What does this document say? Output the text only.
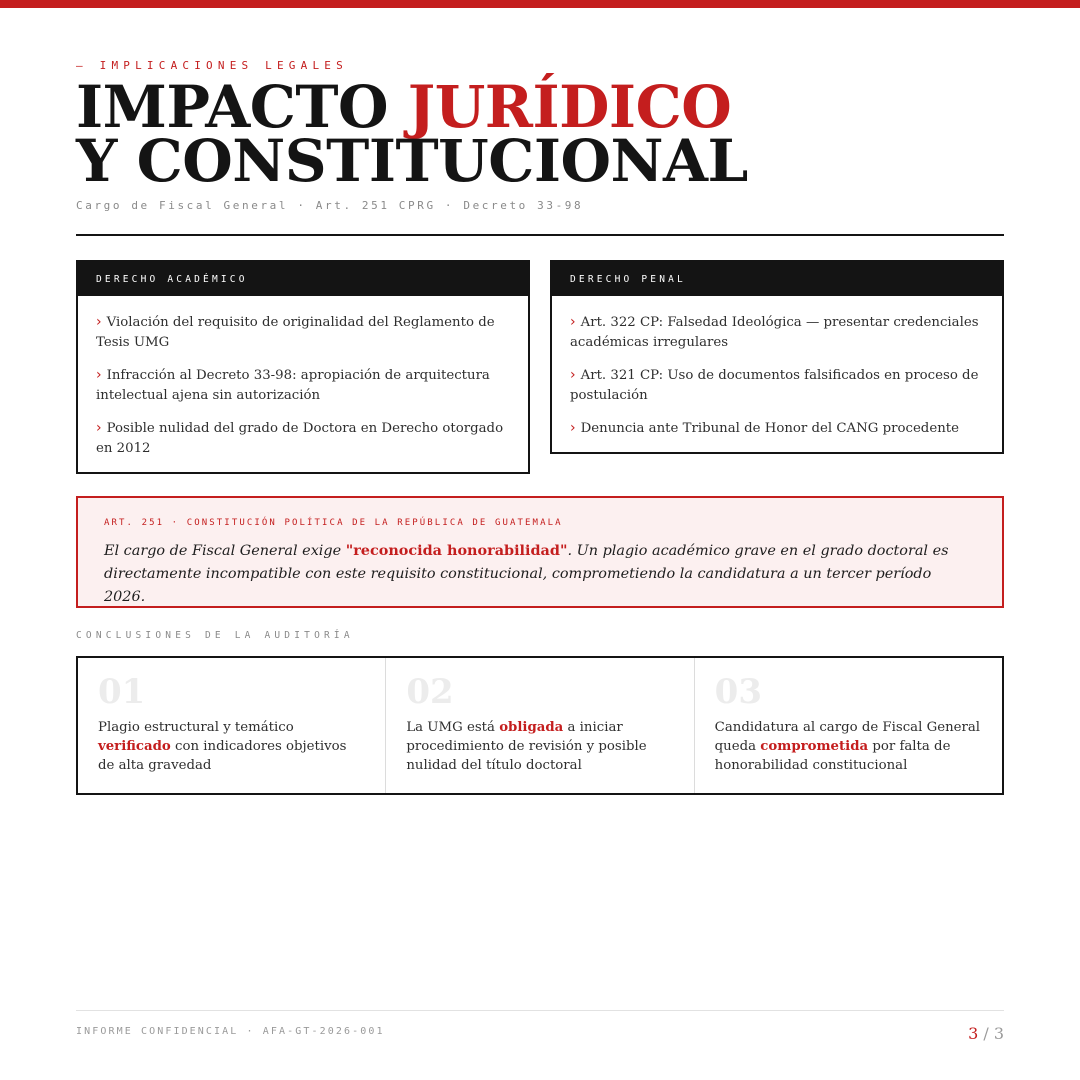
— IMPLICACIONES LEGALES
IMPACTO JURÍDICO
Y CONSTITUCIONAL
Cargo de Fiscal General · Art. 251 CPRG · Decreto 33-98
DERECHO ACADÉMICO
› Violación del requisito de originalidad del Reglamento de Tesis UMG
› Infracción al Decreto 33-98: apropiación de arquitectura intelectual ajena sin autorización
› Posible nulidad del grado de Doctora en Derecho otorgado en 2012
DERECHO PENAL
› Art. 322 CP: Falsedad Ideológica — presentar credenciales académicas irregulares
› Art. 321 CP: Uso de documentos falsificados en proceso de postulación
› Denuncia ante Tribunal de Honor del CANG procedente
ART. 251 · CONSTITUCIÓN POLÍTICA DE LA REPÚBLICA DE GUATEMALA

El cargo de Fiscal General exige "reconocida honorabilidad". Un plagio académico grave en el grado doctoral es directamente incompatible con este requisito constitucional, comprometiendo la candidatura a un tercer período 2026.

CONCLUSIONES DE LA AUDITORÍA
01

Plagio estructural y temático verificado con indicadores objetivos de alta gravedad

02

La UMG está obligada a iniciar procedimiento de revisión y posible nulidad del título doctoral

03

Candidatura al cargo de Fiscal General queda comprometida por falta de honorabilidad constitucional

INFORME CONFIDENCIAL · AFA-GT-2026-001	3 / 3
